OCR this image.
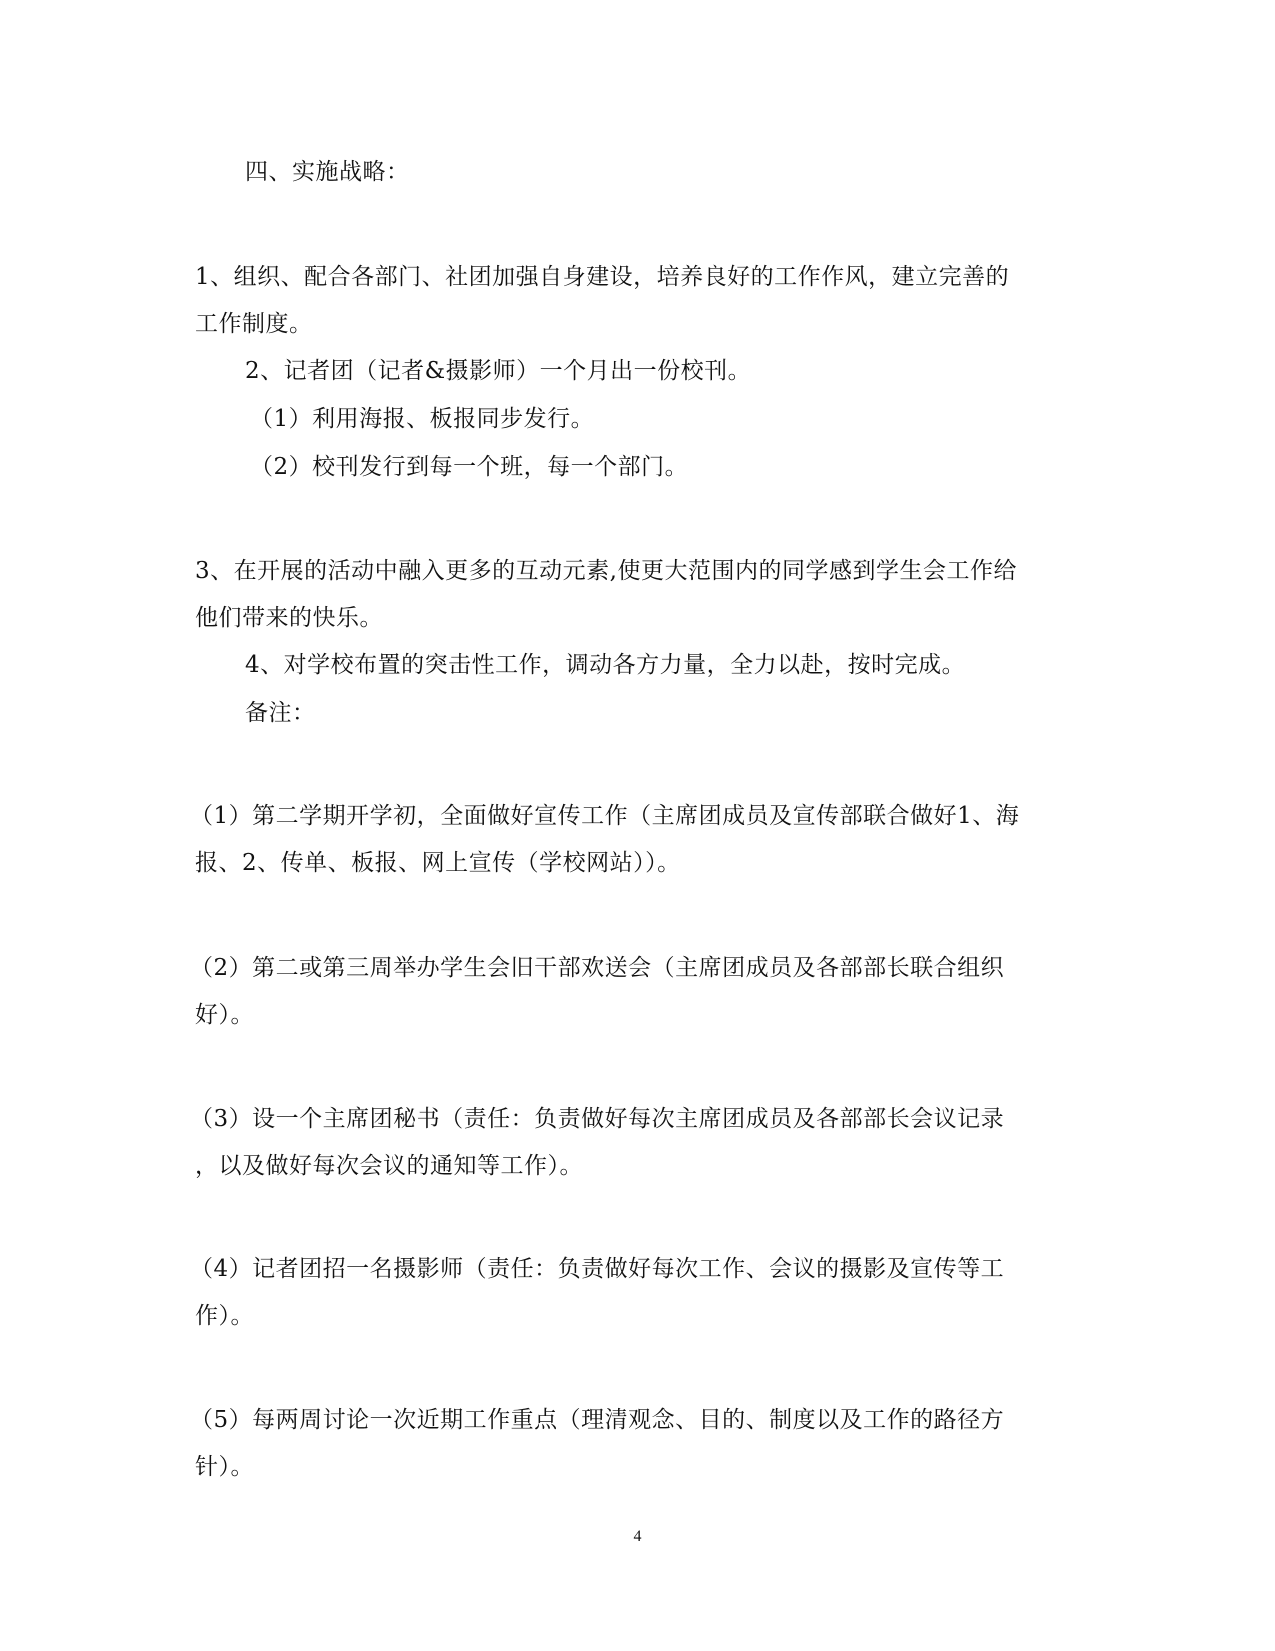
四、实施战略：
1、组织、配合各部门、社团加强自身建设，培养良好的工作作风，建立完善的
工作制度。
2、记者团（记者&摄影师）一个月出一份校刊。
（1）利用海报、板报同步发行。
（2）校刊发行到每一个班，每一个部门。
3、在开展的活动中融入更多的互动元素,使更大范围内的同学感到学生会工作给
他们带来的快乐。
4、对学校布置的突击性工作，调动各方力量，全力以赴，按时完成。
备注：
（1）第二学期开学初，全面做好宣传工作（主席团成员及宣传部联合做好1、海
报、2、传单、板报、网上宣传（学校网站））。
（2）第二或第三周举办学生会旧干部欢送会（主席团成员及各部部长联合组织
好）。
（3）设一个主席团秘书（责任：负责做好每次主席团成员及各部部长会议记录
，以及做好每次会议的通知等工作）。
（4）记者团招一名摄影师（责任：负责做好每次工作、会议的摄影及宣传等工
作）。
（5）每两周讨论一次近期工作重点（理清观念、目的、制度以及工作的路径方
针）。
4
